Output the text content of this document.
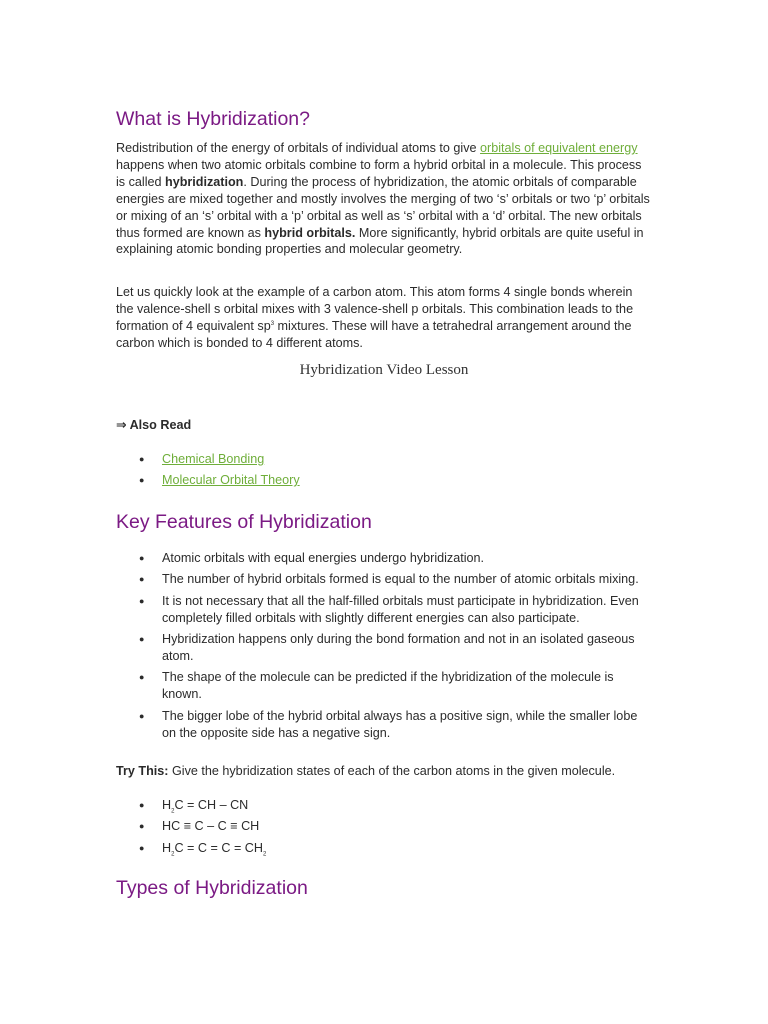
What is Hybridization?

Redistribution of the energy of orbitals of individual atoms to give orbitals of equivalent energy happens when two atomic orbitals combine to form a hybrid orbital in a molecule. This process is called hybridization. During the process of hybridization, the atomic orbitals of comparable energies are mixed together and mostly involves the merging of two ‘s’ orbitals or two ‘p’ orbitals or mixing of an ‘s’ orbital with a ‘p’ orbital as well as ‘s’ orbital with a ‘d’ orbital. The new orbitals thus formed are known as hybrid orbitals. More significantly, hybrid orbitals are quite useful in explaining atomic bonding properties and molecular geometry.

Let us quickly look at the example of a carbon atom. This atom forms 4 single bonds wherein the valence-shell s orbital mixes with 3 valence-shell p orbitals. This combination leads to the formation of 4 equivalent $sp^3$ mixtures. These will have a tetrahedral arrangement around the carbon which is bonded to 4 different atoms.

Hybridization Video Lesson

⇒ Also Read

● Chemical Bonding
● Molecular Orbital Theory
Key Features of Hybridization
● Atomic orbitals with equal energies undergo hybridization.
● The number of hybrid orbitals formed is equal to the number of atomic orbitals mixing.
● It is not necessary that all the half-filled orbitals must participate in hybridization. Even completely filled orbitals with slightly different energies can also participate.
● Hybridization happens only during the bond formation and not in an isolated gaseous atom.
● The shape of the molecule can be predicted if the hybridization of the molecule is known.
● The bigger lobe of the hybrid orbital always has a positive sign, while the smaller lobe on the opposite side has a negative sign.

Try This: Give the hybridization states of each of the carbon atoms in the given molecule.

● $H_2C$ = CH – CN
● HC ≡ C – C ≡ CH
● $H_2C = C = C = CH_2$
Types of Hybridization
